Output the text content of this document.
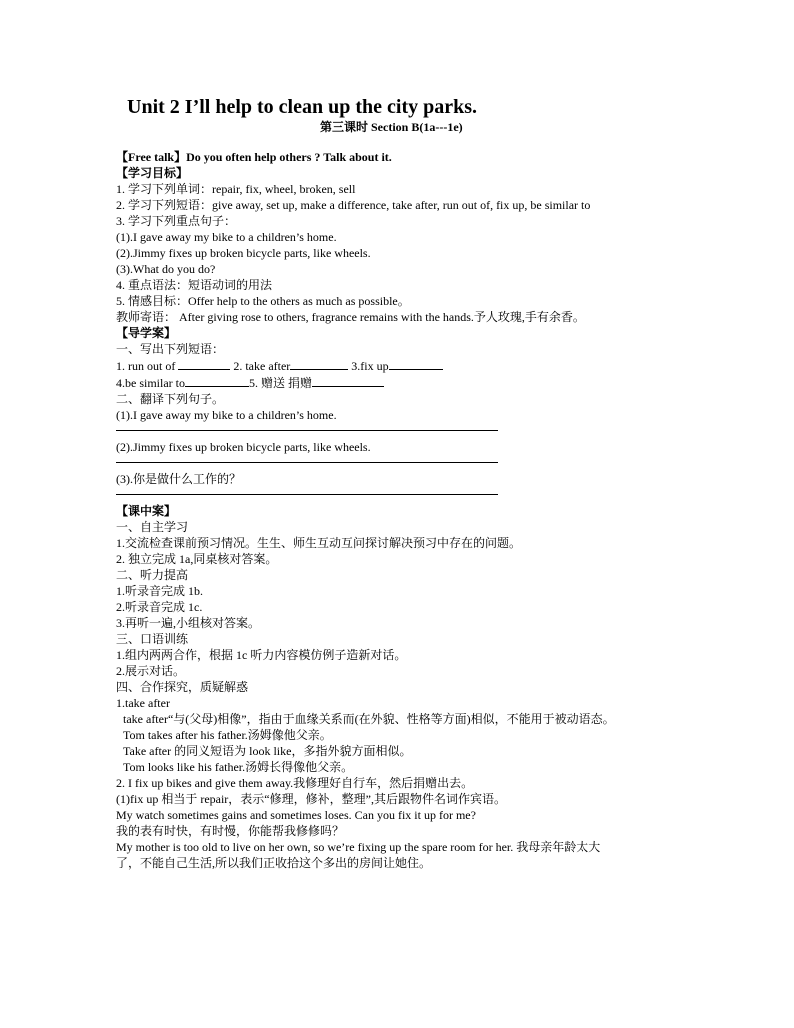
Unit 2 I’ll help to clean up the city parks.
第三课时 Section B(1a---1e)
【Free talk】Do you often help others ? Talk about it.
【学习目标】
1. 学习下列单词：repair, fix, wheel, broken, sell
2. 学习下列短语：give away, set up, make a difference, take after, run out of, fix up, be similar to
3. 学习下列重点句子：
(1).I gave away my bike to a children’s home.
(2).Jimmy fixes up broken bicycle parts, like wheels.
(3).What do you do?
4. 重点语法：短语动词的用法
5. 情感目标：Offer help to the others as much as possible。
教师寄语： After giving rose to others, fragrance remains with the hands.予人玫瑰,手有余香。
【导学案】
一、写出下列短语：
1. run out of	2. take after	3.fix up
4.be similar to	5. 赠送 捐赠
二、翻译下列句子。
(1).I gave away my bike to a children’s home.
(2).Jimmy fixes up broken bicycle parts, like wheels.
(3).你是做什么工作的？
【课中案】
一、自主学习
1.交流检查课前预习情况。生生、师生互动互问探讨解决预习中存在的问题。
2. 独立完成 1a,同桌核对答案。
二、听力提高
1.听录音完成 1b.
2.听录音完成 1c.
3.再听一遍,小组核对答案。
三、口语训练
1.组内两两合作，根据 1c 听力内容模仿例子造新对话。
2.展示对话。
四、合作探究，质疑解惑
1.take after
take after“与(父母)相像”，指由于血缘关系而(在外貌、性格等方面)相似，不能用于被动语态。
Tom takes after his father.汤姆像他父亲。
Take after 的同义短语为 look like，多指外貌方面相似。
Tom looks like his father.汤姆长得像他父亲。
2. I fix up bikes and give them away.我修理好自行车，然后捐赠出去。
(1)fix up 相当于 repair，表示“修理，修补，整理”,其后跟物件名词作宾语。
My watch sometimes gains and sometimes loses. Can you fix it up for me?
我的表有时快，有时慢，你能帮我修修吗？
My mother is too old to live on her own, so we’re fixing up the spare room for her. 我母亲年龄太大
了，不能自己生活,所以我们正收拾这个多出的房间让她住。
